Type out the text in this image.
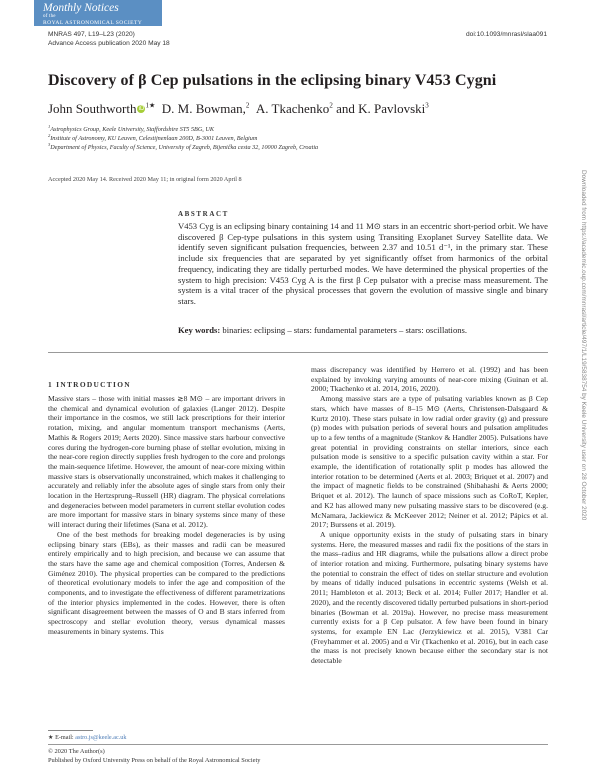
Monthly Notices
of the
ROYAL ASTRONOMICAL SOCIETY
MNRAS 497, L19–L23 (2020)
Advance Access publication 2020 May 18
doi:10.1093/mnrasl/slaa091
Discovery of β Cep pulsations in the eclipsing binary V453 Cygni
John Southworth $iD^{1★}$ D. M. Bowman,$^2$ A. Tkachenko$^2$ and K. Pavlovski$^3$
$^1$Astrophysics Group, Keele University, Staffordshire ST5 5BG, UK
$^2$Institute of Astronomy, KU Leuven, Celestijnenlaan 200D, B-3001 Leuven, Belgium
$^3$Department of Physics, Faculty of Science, University of Zagreb, Bijenička cesta 32, 10000 Zagreb, Croatia
Accepted 2020 May 14. Received 2020 May 11; in original form 2020 April 8
ABSTRACT

V453 Cyg is an eclipsing binary containing 14 and 11 M⊙ stars in an eccentric short-period orbit. We have discovered β Cep-type pulsations in this system using Transiting Exoplanet Survey Satellite data. We identify seven significant pulsation frequencies, between 2.37 and 10.51 d⁻¹, in the primary star. These include six frequencies that are separated by yet significantly offset from harmonics of the orbital frequency, indicating they are tidally perturbed modes. We have determined the physical properties of the system to high precision: V453 Cyg A is the first β Cep pulsator with a precise mass measurement. The system is a vital tracer of the physical processes that govern the evolution of massive single and binary stars.

Key words: binaries: eclipsing – stars: fundamental parameters – stars: oscillations.
1 INTRODUCTION

Massive stars – those with initial masses ≳8 M⊙ – are important drivers in the chemical and dynamical evolution of galaxies (Langer 2012). Despite their importance in the cosmos, we still lack prescriptions for their interior rotation, mixing, and angular momentum transport mechanisms (Aerts, Mathis & Rogers 2019; Aerts 2020). Since massive stars harbour convective cores during the hydrogen-core burning phase of stellar evolution, mixing in the near-core region directly supplies fresh hydrogen to the core and prolongs the main-sequence lifetime. However, the amount of near-core mixing within massive stars is observationally unconstrained, which makes it challenging to accurately and reliably infer the absolute ages of single stars from only their location in the Hertzsprung–Russell (HR) diagram. The physical correlations and degeneracies between model parameters in current stellar evolution codes are more important for massive stars in binary systems since many of these will interact during their lifetimes (Sana et al. 2012).

One of the best methods for breaking model degeneracies is by using eclipsing binary stars (EBs), as their masses and radii can be measured entirely empirically and to high precision, and because we can assume that the stars have the same age and chemical composition (Torres, Andersen & Giménez 2010). The physical properties can be compared to the predictions of theoretical evolutionary models to infer the age and composition of the components, and to investigate the effectiveness of different parametrizations of the interior physics implemented in the codes. However, there is often significant disagreement between the masses of O and B stars inferred from spectroscopy and stellar evolution theory, versus dynamical masses measurements in binary systems. This

mass discrepancy was identified by Herrero et al. (1992) and has been explained by invoking varying amounts of near-core mixing (Guinan et al. 2000; Tkachenko et al. 2014, 2016, 2020).

Among massive stars are a type of pulsating variables known as β Cep stars, which have masses of 8–15 M⊙ (Aerts, Christensen-Dalsgaard & Kurtz 2010). These stars pulsate in low radial order gravity (g) and pressure (p) modes with pulsation periods of several hours and pulsation amplitudes up to a few tenths of a magnitude (Stankov & Handler 2005). Pulsations have great potential in providing constraints on stellar interiors, since each pulsation mode is sensitive to a specific pulsation cavity within a star. For example, the identification of rotationally split p modes has allowed the interior rotation to be determined (Aerts et al. 2003; Briquet et al. 2007) and the impact of magnetic fields to be constrained (Shibahashi & Aerts 2000; Briquet et al. 2012). The launch of space missions such as CoRoT, Kepler, and K2 has allowed many new pulsating massive stars to be discovered (e.g. McNamara, Jackiewicz & McKeever 2012; Neiner et al. 2012; Pápics et al. 2017; Burssens et al. 2019).

A unique opportunity exists in the study of pulsating stars in binary systems. Here, the measured masses and radii fix the positions of the stars in the mass–radius and HR diagrams, while the pulsations allow a direct probe of interior rotation and mixing. Furthermore, pulsating binary systems have the potential to constrain the effect of tides on stellar structure and evolution by means of tidally induced pulsations in eccentric systems (Welsh et al. 2011; Hambleton et al. 2013; Beck et al. 2014; Fuller 2017; Handler et al. 2020), and the recently discovered tidally perturbed pulsations in short-period binaries (Bowman et al. 2019a). However, no precise mass measurement currently exists for a β Cep pulsator. A few have been found in binary systems, for example EN Lac (Jerzykiewicz et al. 2015), V381 Car (Freyhammer et al. 2005) and α Vir (Tkachenko et al. 2016), but in each case the mass is not precisely known because either the secondary star is not detectable

★ E-mail: astro.js@keele.ac.uk
© 2020 The Author(s)
Published by Oxford University Press on behalf of the Royal Astronomical Society
Downloaded from https://academic.oup.com/mnrasl/article/497/1/L19/5838754 by Keele University user on 28 October 2020
